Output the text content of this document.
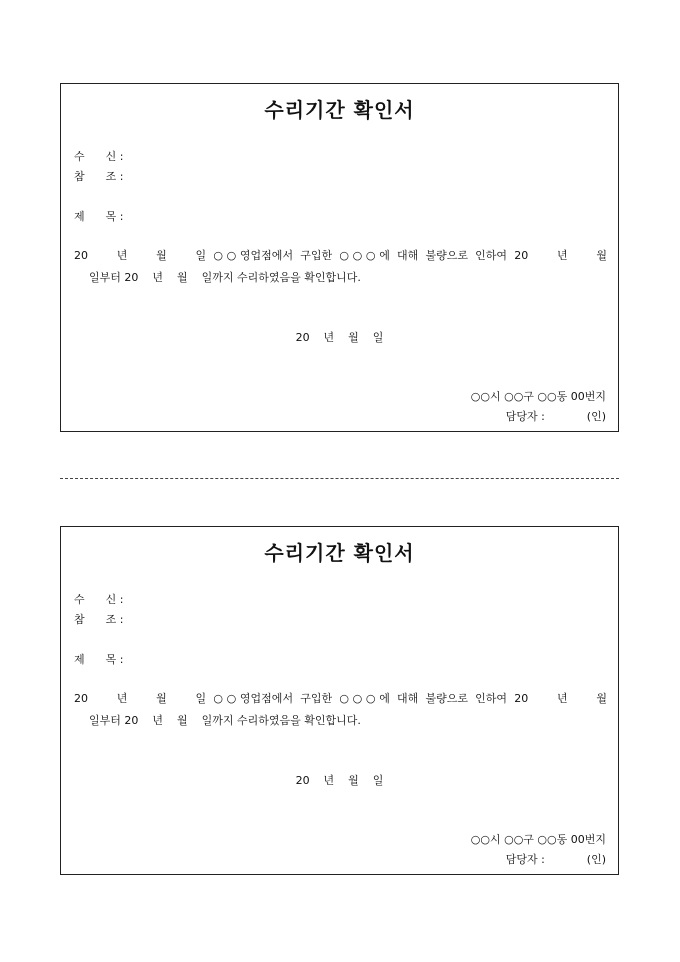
수리기간 확인서
수      신 :
참      조 :
제      목 :
20    년    월    일 ○○영업점에서 구입한 ○○○에 대해 불량으로 인하여 20    년    월
일부터 20    년    월    일까지 수리하였음을 확인합니다.
20    년    월    일
○○시 ○○구 ○○동 00번지
담당자 :            (인)
수리기간 확인서
수      신 :
참      조 :
제      목 :
20    년    월    일 ○○영업점에서 구입한 ○○○에 대해 불량으로 인하여 20    년    월
일부터 20    년    월    일까지 수리하였음을 확인합니다.
20    년    월    일
○○시 ○○구 ○○동 00번지
담당자 :            (인)
